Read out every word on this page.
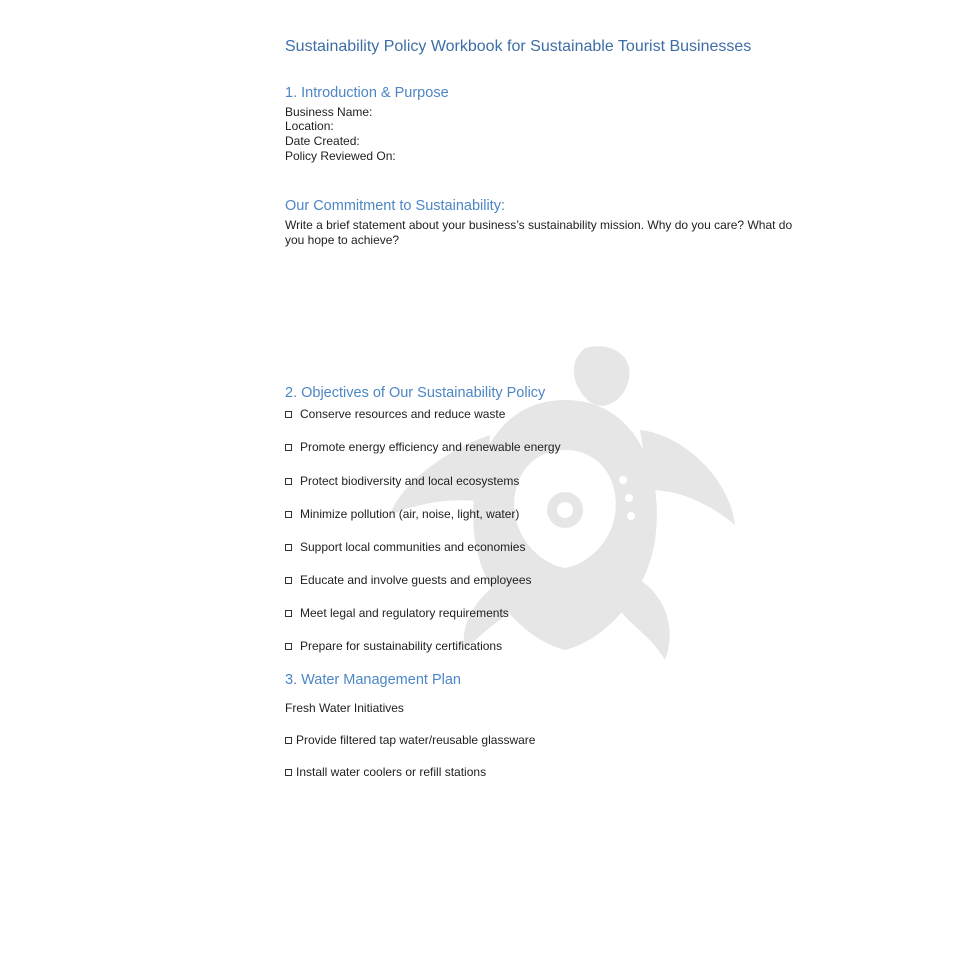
Sustainability Policy Workbook for Sustainable Tourist Businesses
1. Introduction & Purpose
Business Name:
Location:
Date Created:
Policy Reviewed On:
Our Commitment to Sustainability:
Write a brief statement about your business’s sustainability mission. Why do you care? What do you hope to achieve?
2. Objectives of Our Sustainability Policy
Conserve resources and reduce waste
Promote energy efficiency and renewable energy
Protect biodiversity and local ecosystems
Minimize pollution (air, noise, light, water)
Support local communities and economies
Educate and involve guests and employees
Meet legal and regulatory requirements
Prepare for sustainability certifications
3. Water Management Plan
Fresh Water Initiatives
Provide filtered tap water/reusable glassware
Install water coolers or refill stations
